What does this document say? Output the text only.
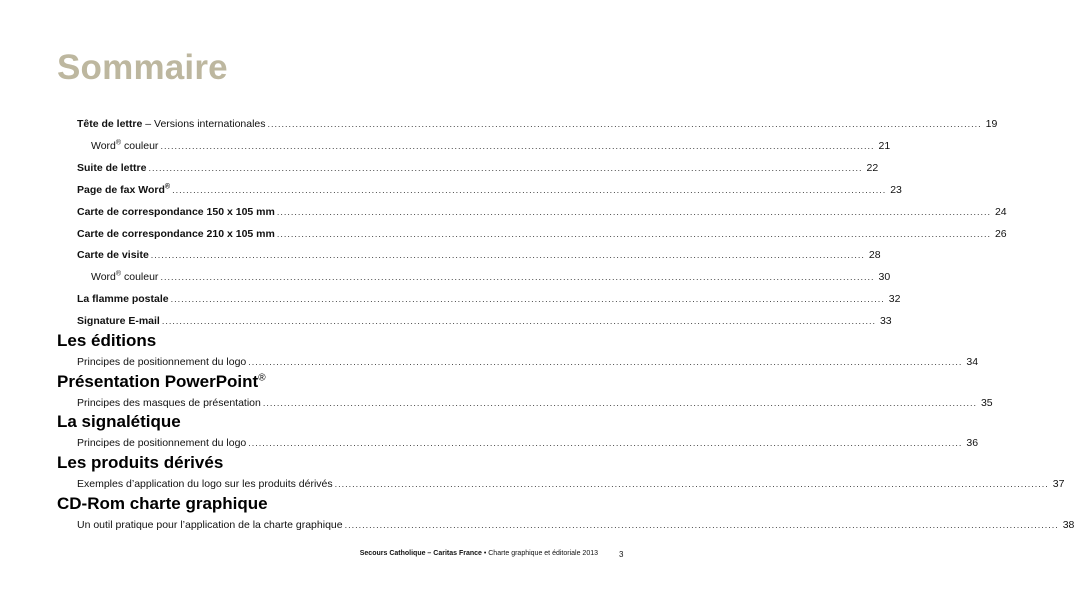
Sommaire
Tête de lettre – Versions internationales ............................................................................................................................................................................................................ 19
Word® couleur ............................................................................................................................................................................................................ 21
Suite de lettre ............................................................................................................................................................................................................ 22
Page de fax Word® ............................................................................................................................................................................................................ 23
Carte de correspondance 150 x 105 mm ............................................................................................................................................................................................................ 24
Carte de correspondance 210 x 105 mm ............................................................................................................................................................................................................ 26
Carte de visite ............................................................................................................................................................................................................ 28
Word® couleur ............................................................................................................................................................................................................ 30
La flamme postale ............................................................................................................................................................................................................ 32
Signature E-mail ............................................................................................................................................................................................................ 33
Les éditions
Principes de positionnement du logo ............................................................................................................................................................................................................ 34
Présentation PowerPoint®
Principes des masques de présentation ............................................................................................................................................................................................................ 35
La signalétique
Principes de positionnement du logo ............................................................................................................................................................................................................ 36
Les produits dérivés
Exemples d’application du logo sur les produits dérivés ............................................................................................................................................................................................................ 37
CD-Rom charte graphique
Un outil pratique pour l’application de la charte graphique ............................................................................................................................................................................................................ 38
Secours Catholique – Caritas France • Charte graphique et éditoriale 2013	3
